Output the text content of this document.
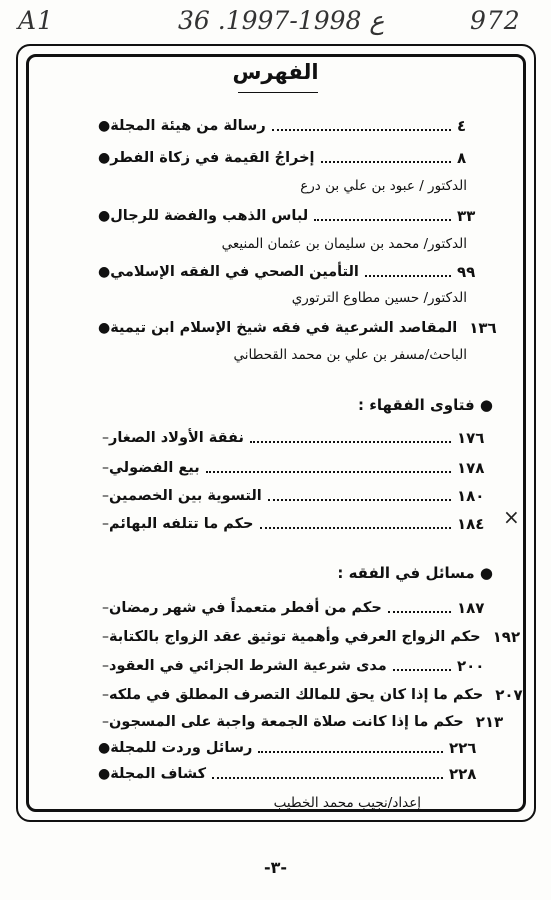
A1	36 .ع 1998-1997	972
الفهرس
● رسالة من هيئة المجلة	٤
● إخراجُ القيمة في زكاة الفطر	٨
الدكتور / عبود بن علي بن درع
● لباس الذهب والفضة للرجال	٣٣
الدكتور/ محمد بن سليمان بن عثمان المنيعي
● التأمين الصحي في الفقه الإسلامي	٩٩
الدكتور/ حسين مطاوع الترتوري
● المقاصد الشرعية في فقه شيخ الإسلام ابن تيمية ١٣٦
الباحث/مسفر بن علي بن محمد القحطاني
● فتاوى الفقهاء :
– نفقة الأولاد الصغار	١٧٦
– بيع الفضولي	١٧٨
– التسوية بين الخصمين	١٨٠
– حكم ما تتلفه البهائم	١٨٤ ×
● مسائل في الفقه :
– حكم من أفطر متعمداً في شهر رمضان	١٨٧
– حكم الزواج العرفي وأهمية توثيق عقد الزواج بالكتابة ١٩٢
– مدى شرعية الشرط الجزائي في العقود	٢٠٠
– حكم ما إذا كان يحق للمالك التصرف المطلق في ملكه ٢٠٧
– حكم ما إذا كانت صلاة الجمعة واجبة على المسجون ٢١٣
● رسائل وردت للمجلة	٢٢٦
● كشاف المجلة	٢٢٨
إعداد/نجيب محمد الخطيب
-٣-
